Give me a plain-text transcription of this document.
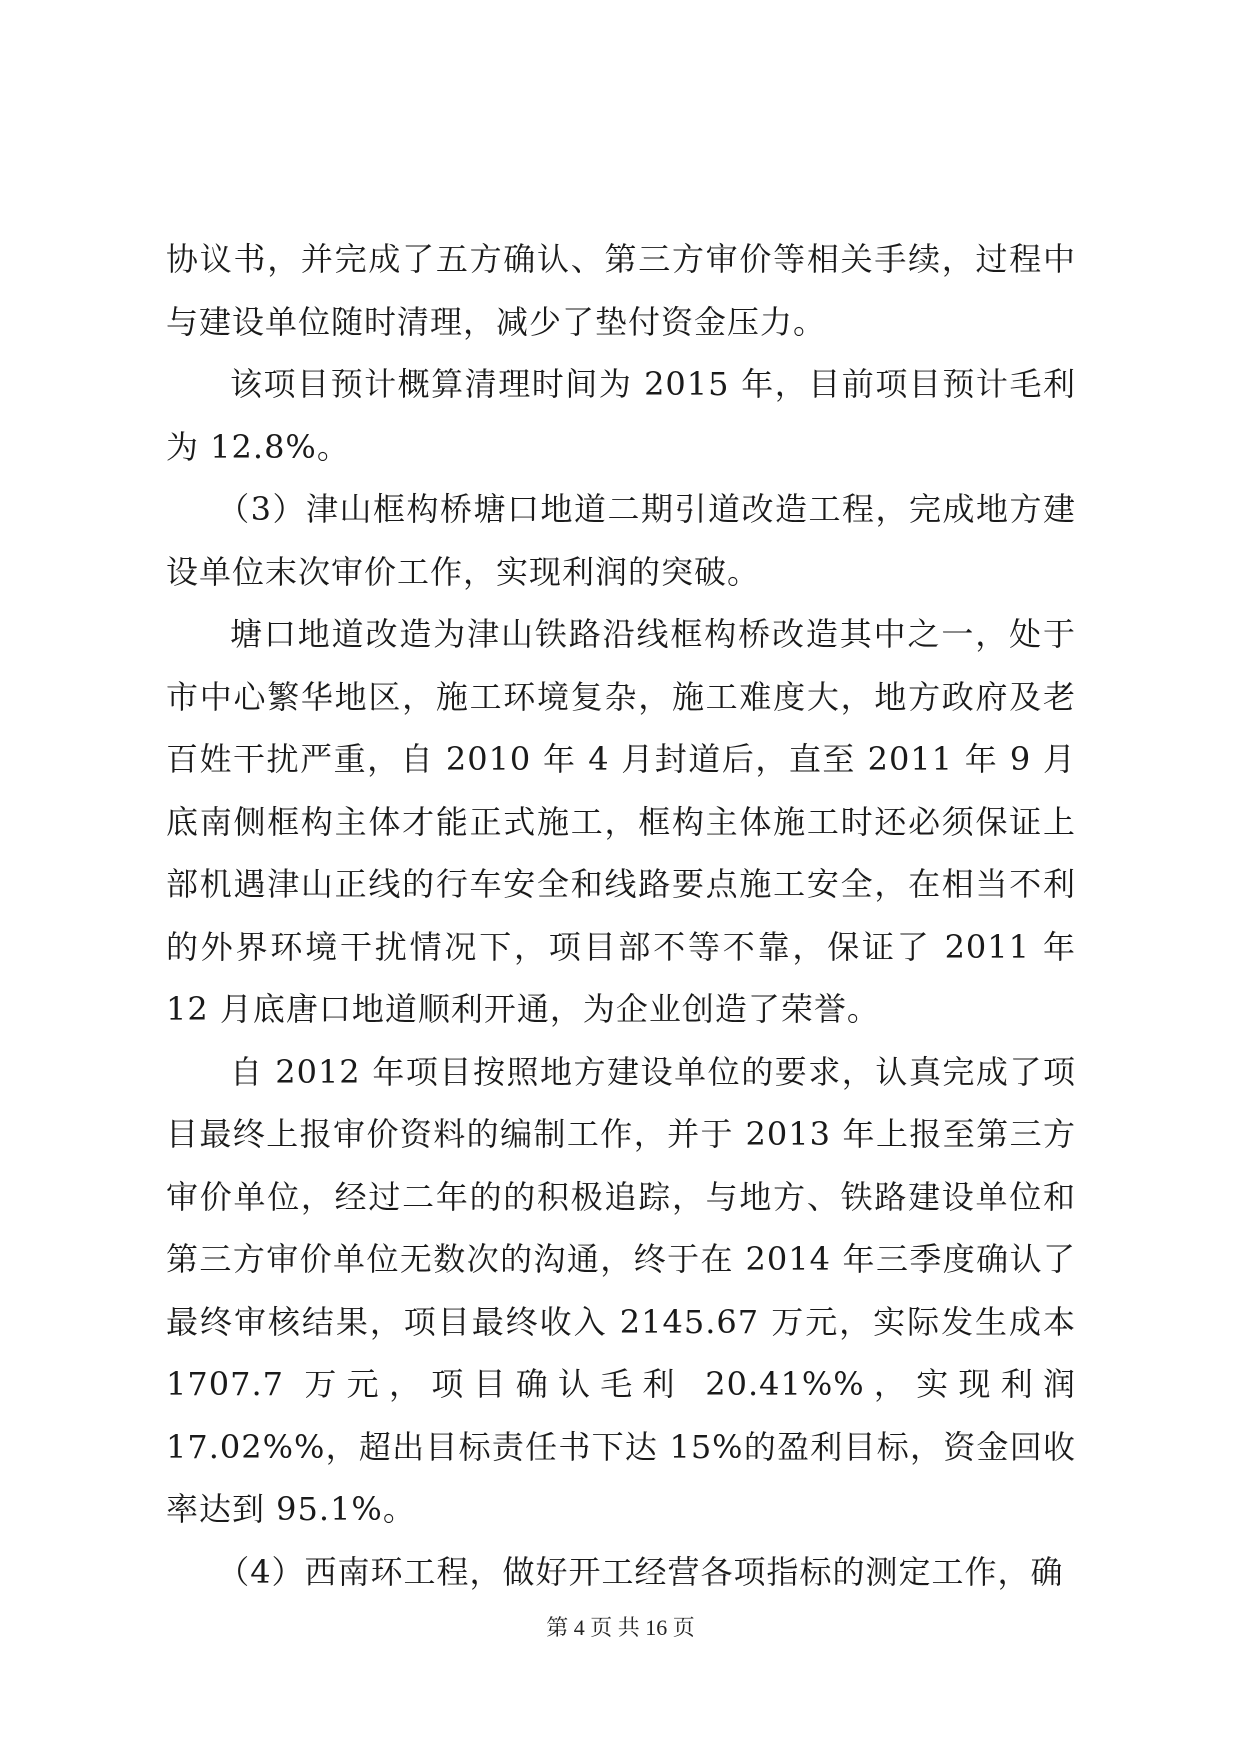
协议书，并完成了五方确认、第三方审价等相关手续，过程中与建设单位随时清理，减少了垫付资金压力。

该项目预计概算清理时间为 2015 年，目前项目预计毛利为 12.8%。

（3）津山框构桥塘口地道二期引道改造工程，完成地方建设单位末次审价工作，实现利润的突破。

塘口地道改造为津山铁路沿线框构桥改造其中之一，处于市中心繁华地区，施工环境复杂，施工难度大，地方政府及老百姓干扰严重，自 2010 年 4 月封道后，直至 2011 年 9 月底南侧框构主体才能正式施工，框构主体施工时还必须保证上部机遇津山正线的行车安全和线路要点施工安全，在相当不利的外界环境干扰情况下，项目部不等不靠，保证了 2011 年 12 月底唐口地道顺利开通，为企业创造了荣誉。

自 2012 年项目按照地方建设单位的要求，认真完成了项目最终上报审价资料的编制工作，并于 2013 年上报至第三方审价单位，经过二年的的积极追踪，与地方、铁路建设单位和第三方审价单位无数次的沟通，终于在 2014 年三季度确认了最终审核结果，项目最终收入 2145.67 万元，实际发生成本 1707.7 万元，项目确认毛利 20.41%%，实现利润 17.02%%，超出目标责任书下达 15%的盈利目标，资金回收率达到 95.1%。

（4）西南环工程，做好开工经营各项指标的测定工作，确

第 4 页 共 16 页
